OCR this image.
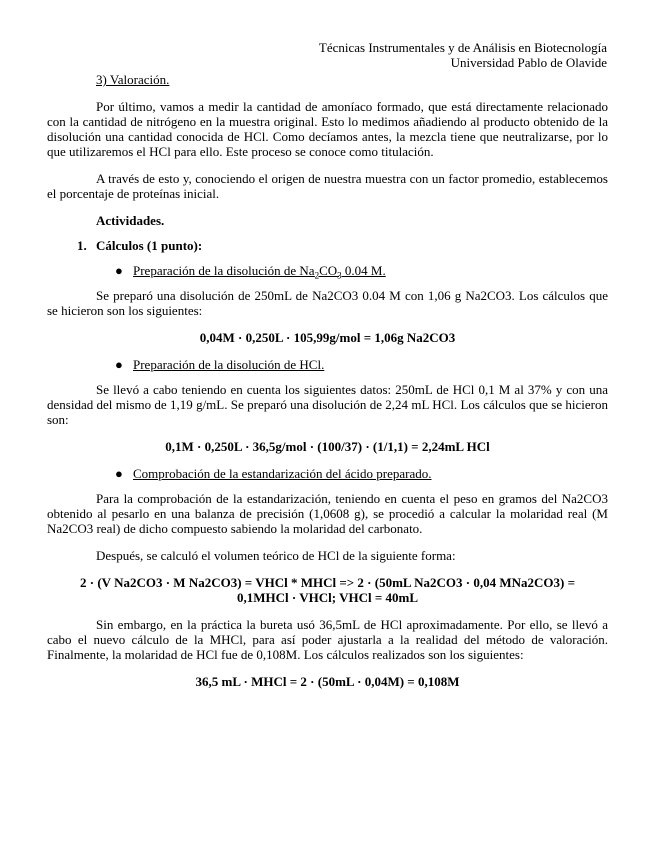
Técnicas Instrumentales y de Análisis en Biotecnología
Universidad Pablo de Olavide
3) Valoración.

Por último, vamos a medir la cantidad de amoníaco formado, que está directamente relacionado con la cantidad de nitrógeno en la muestra original. Esto lo medimos añadiendo al producto obtenido de la disolución una cantidad conocida de HCl. Como decíamos antes, la mezcla tiene que neutralizarse, por lo que utilizaremos el HCl para ello. Este proceso se conoce como titulación.

A través de esto y, conociendo el origen de nuestra muestra con un factor promedio, establecemos el porcentaje de proteínas inicial.

Actividades.
1. Cálculos (1 punto):
● Preparación de la disolución de $Na_2CO_3$ 0.04 M.

Se preparó una disolución de 250mL de Na2CO3 0.04 M con 1,06 g Na2CO3. Los cálculos que se hicieron son los siguientes:

0,04M · 0,250L · 105,99g/mol = 1,06g Na2CO3
● Preparación de la disolución de HCl.

Se llevó a cabo teniendo en cuenta los siguientes datos: 250mL de HCl 0,1 M al 37% y con una densidad del mismo de 1,19 g/mL. Se preparó una disolución de 2,24 mL HCl. Los cálculos que se hicieron son:

0,1M · 0,250L · 36,5g/mol · (100/37) · (1/1,1) = 2,24mL HCl
● Comprobación de la estandarización del ácido preparado.

Para la comprobación de la estandarización, teniendo en cuenta el peso en gramos del Na2CO3 obtenido al pesarlo en una balanza de precisión (1,0608 g), se procedió a calcular la molaridad real (M Na2CO3 real) de dicho compuesto sabiendo la molaridad del carbonato.

Después, se calculó el volumen teórico de HCl de la siguiente forma:

2 · (V Na2CO3 · M Na2CO3) = VHCl * MHCl => 2 · (50mL Na2CO3 · 0,04 MNa2CO3) =
0,1MHCl · VHCl; VHCl = 40mL

Sin embargo, en la práctica la bureta usó 36,5mL de HCl aproximadamente. Por ello, se llevó a cabo el nuevo cálculo de la MHCl, para así poder ajustarla a la realidad del método de valoración. Finalmente, la molaridad de HCl fue de 0,108M. Los cálculos realizados son los siguientes:

36,5 mL · MHCl = 2 · (50mL · 0,04M) = 0,108M
